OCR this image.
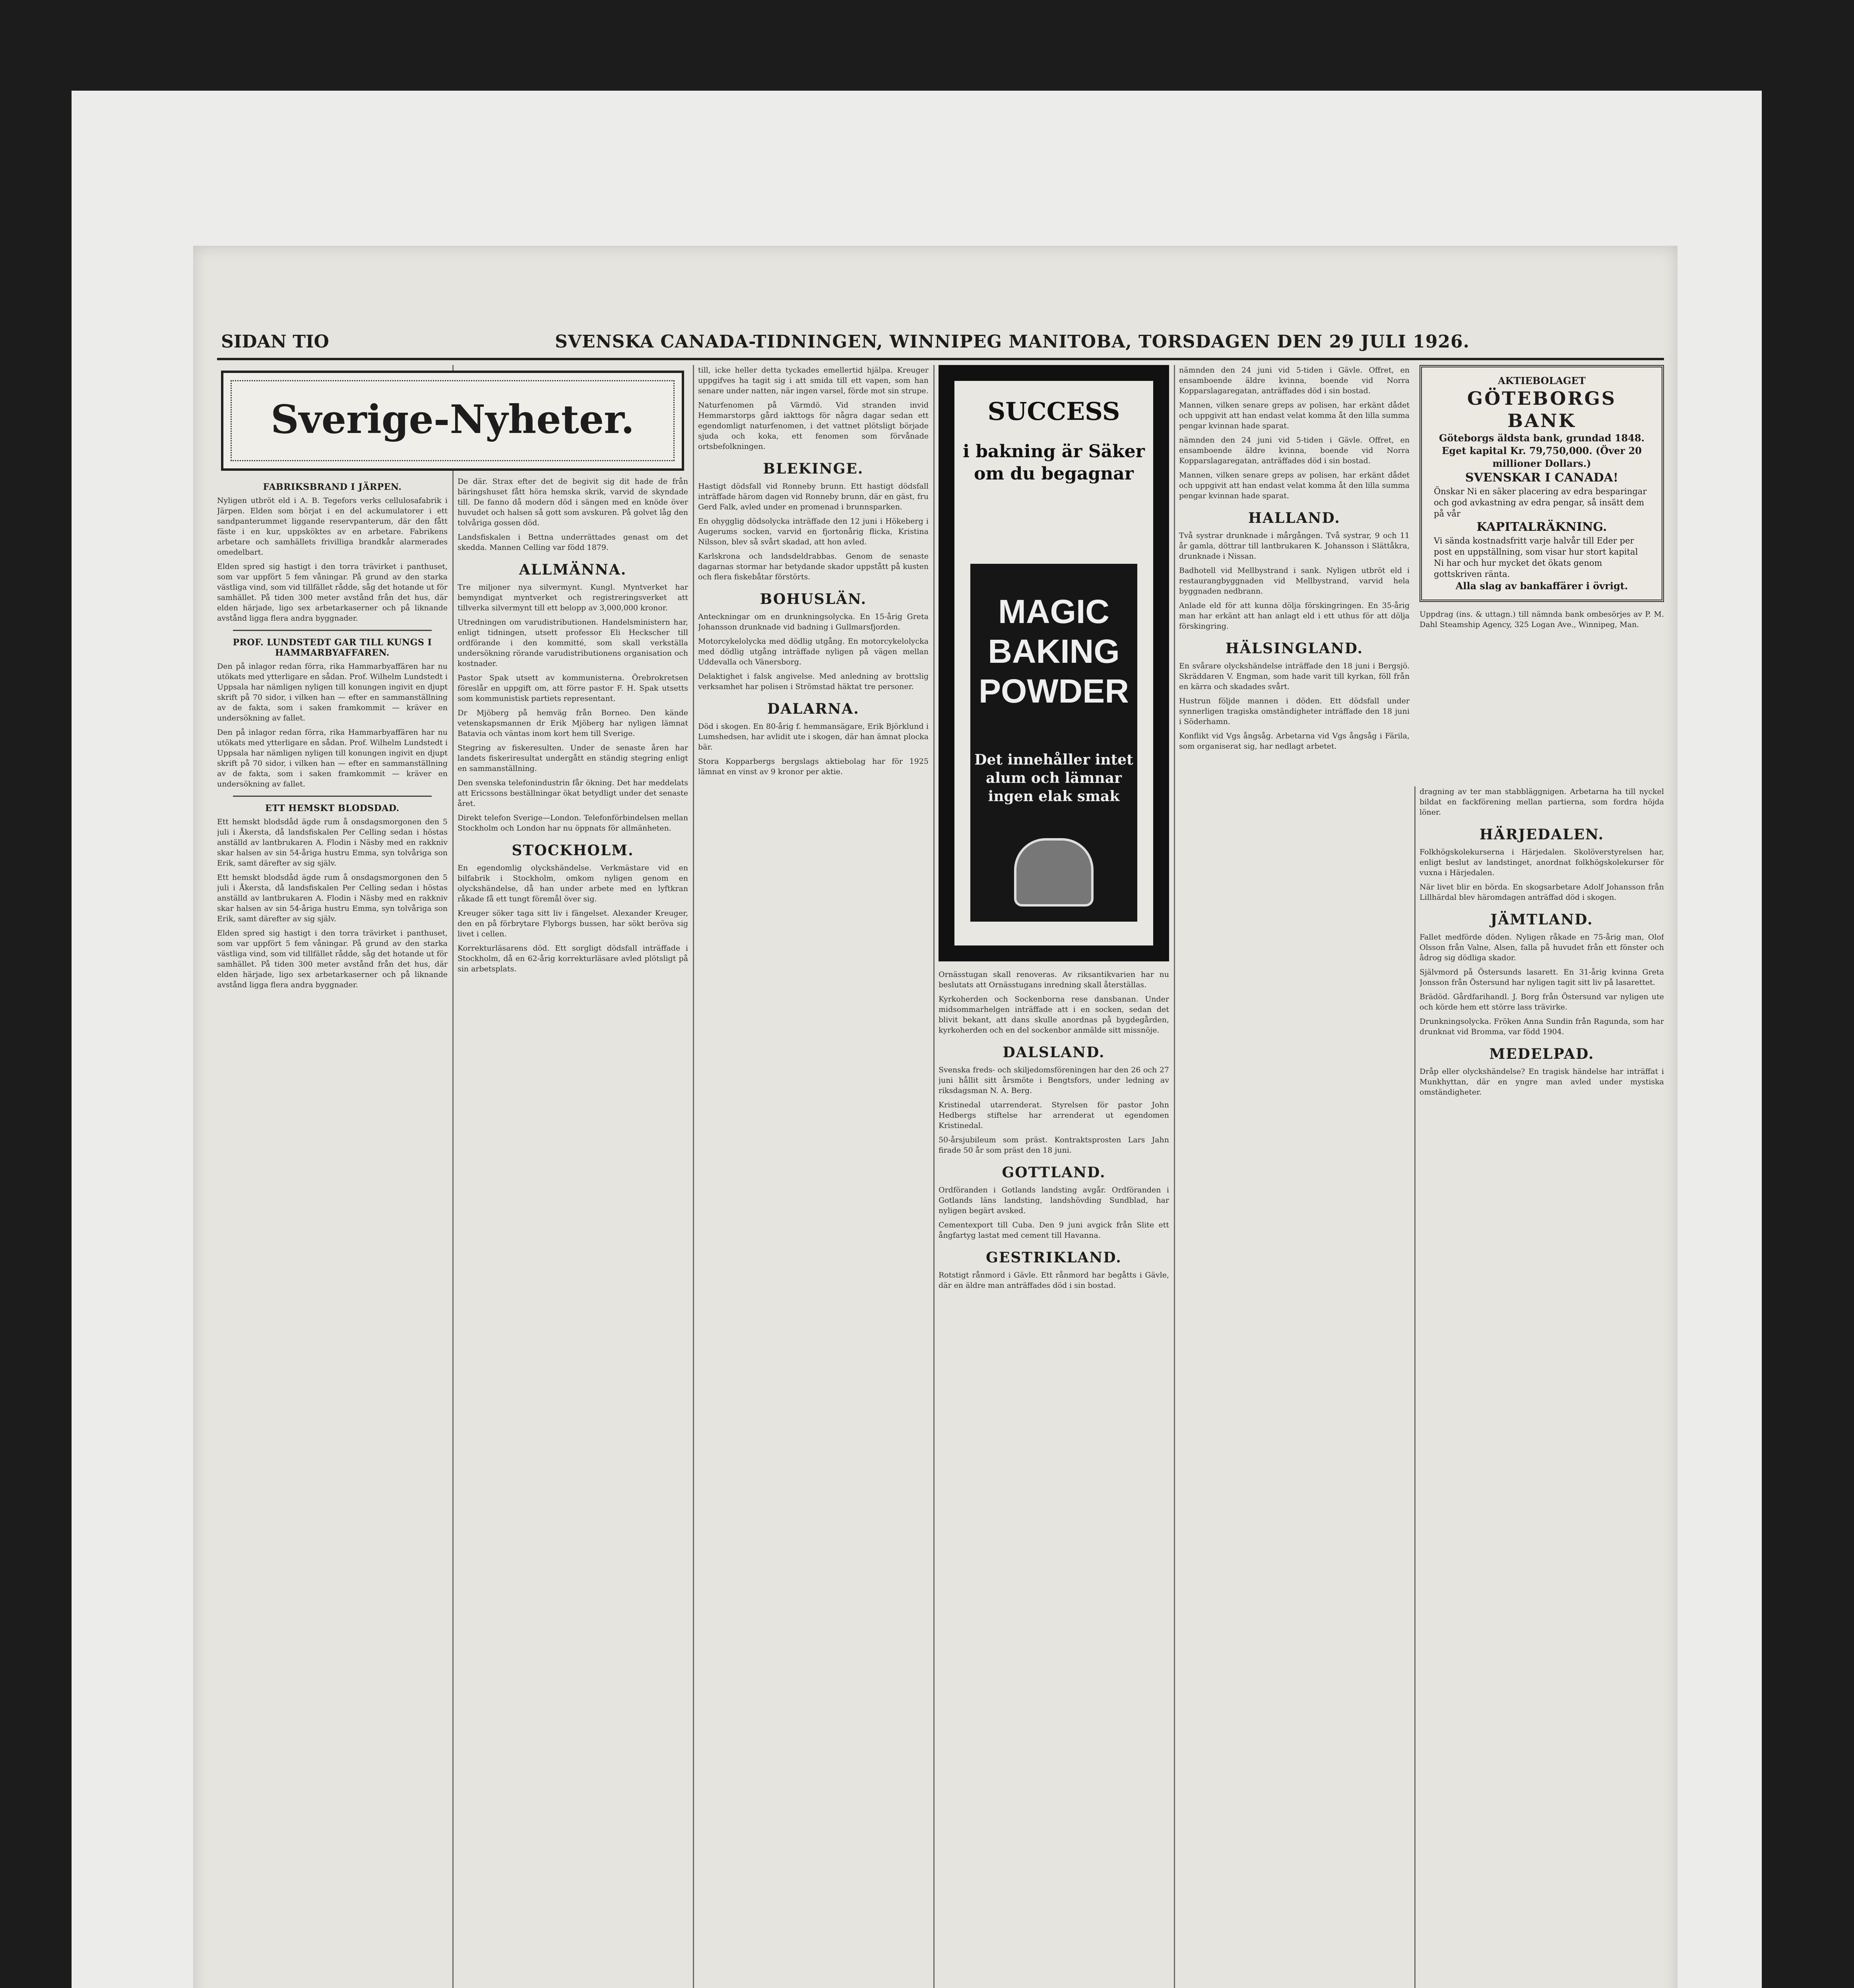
SIDAN TIO	SVENSKA CANADA-TIDNINGEN, WINNIPEG MANITOBA, TORSDAGEN DEN 29 JULI 1926.
Sverige-Nyheter.
FABRIKSBRAND I JÄRPEN.

Nyligen utbröt eld i A. B. Tegefors verks cellulosafabrik i Järpen. Elden som börjat i en del ackumulatorer i ett sandpanterummet liggande reservpanterum, där den fått fäste i en kur, uppsköktes av en arbetare. Fabrikens arbetare och samhällets frivilliga brandkår alarmerades omedelbart.

Elden spred sig hastigt i den torra trävirket i panthuset, som var uppfört 5 fem våningar. På grund av den starka västliga vind, som vid tillfället rådde, såg det hotande ut för samhället. På tiden 300 meter avstånd från det hus, där elden härjade, ligo sex arbetarkaserner och på liknande avstånd ligga flera andra byggnader.

PROF. LUNDSTEDT GAR TILL KUNGS I HAMMARBYAFFAREN.

Den på inlagor redan förra, rika Hammarbyaffären har nu utökats med ytterligare en sådan. Prof. Wilhelm Lundstedt i Uppsala har nämligen nyligen till konungen ingivit en djupt skrift på 70 sidor, i vilken han — efter en sammanställning av de fakta, som i saken framkommit — kräver en undersökning av fallet.

Den på inlagor redan förra, rika Hammarbyaffären har nu utökats med ytterligare en sådan. Prof. Wilhelm Lundstedt i Uppsala har nämligen nyligen till konungen ingivit en djupt skrift på 70 sidor, i vilken han — efter en sammanställning av de fakta, som i saken framkommit — kräver en undersökning av fallet.

ETT HEMSKT BLODSDAD.

Ett hemskt blodsdåd ägde rum å onsdagsmorgonen den 5 juli i Åkersta, då landsfiskalen Per Celling sedan i höstas anställd av lantbrukaren A. Flodin i Näsby med en rakkniv skar halsen av sin 54-åriga hustru Emma, syn tolvåriga son Erik, samt därefter av sig själv.

Ett hemskt blodsdåd ägde rum å onsdagsmorgonen den 5 juli i Åkersta, då landsfiskalen Per Celling sedan i höstas anställd av lantbrukaren A. Flodin i Näsby med en rakkniv skar halsen av sin 54-åriga hustru Emma, syn tolvåriga son Erik, samt därefter av sig själv.

Elden spred sig hastigt i den torra trävirket i panthuset, som var uppfört 5 fem våningar. På grund av den starka västliga vind, som vid tillfället rådde, såg det hotande ut för samhället. På tiden 300 meter avstånd från det hus, där elden härjade, ligo sex arbetarkaserner och på liknande avstånd ligga flera andra byggnader.

De där. Strax efter det de begivit sig dit hade de från bäringshuset fått höra hemska skrik, varvid de skyndade till. De fanno då modern död i sängen med en knöde över huvudet och halsen så gott som avskuren. På golvet låg den tolvåriga gossen död.

Landsfiskalen i Bettna underrättades genast om det skedda. Mannen Celling var född 1879.

ALLMÄNNA.

Tre miljoner nya silvermynt. Kungl. Myntverket har bemyndigat myntverket och registreringsverket att tillverka silvermynt till ett belopp av 3,000,000 kronor.

Utredningen om varudistributionen. Handelsministern har, enligt tidningen, utsett professor Eli Heckscher till ordförande i den kommitté, som skall verkställa undersökning rörande varudistributionens organisation och kostnader.

Pastor Spak utsett av kommunisterna. Örebrokretsen föreslår en uppgift om, att förre pastor F. H. Spak utsetts som kommunistisk partiets representant.

Dr Mjöberg på hemväg från Borneo. Den kände vetenskapsmannen dr Erik Mjöberg har nyligen lämnat Batavia och väntas inom kort hem till Sverige.

Stegring av fiskeresulten. Under de senaste åren har landets fiskeriresultat undergått en ständig stegring enligt en sammanställning.

Den svenska telefonindustrin får ökning. Det har meddelats att Ericssons beställningar ökat betydligt under det senaste året.

Direkt telefon Sverige—London. Telefonförbindelsen mellan Stockholm och London har nu öppnats för allmänheten.

STOCKHOLM.

En egendomlig olyckshändelse. Verkmästare vid en bilfabrik i Stockholm, omkom nyligen genom en olyckshändelse, då han under arbete med en lyftkran råkade få ett tungt föremål över sig.

Kreuger söker taga sitt liv i fängelset. Alexander Kreuger, den en på förbrytare Flyborgs bussen, har sökt beröva sig livet i cellen.

Korrekturläsarens död. Ett sorgligt dödsfall inträffade i Stockholm, då en 62-årig korrekturläsare avled plötsligt på sin arbetsplats.

till, icke heller detta tyckades emellertid hjälpa. Kreuger uppgifves ha tagit sig i att smida till ett vapen, som han senare under natten, när ingen varsel, förde mot sin strupe.

Naturfenomen på Värmdö. Vid stranden invid Hemmarstorps gård iakttogs för några dagar sedan ett egendomligt naturfenomen, i det vattnet plötsligt började sjuda och koka, ett fenomen som förvånade ortsbefolkningen.

BLEKINGE.

Hastigt dödsfall vid Ronneby brunn. Ett hastigt dödsfall inträffade härom dagen vid Ronneby brunn, där en gäst, fru Gerd Falk, avled under en promenad i brunnsparken.

En ohygglig dödsolycka inträffade den 12 juni i Hökeberg i Augerums socken, varvid en fjortonårig flicka, Kristina Nilsson, blev så svårt skadad, att hon avled.

Karlskrona och landsdeldrabbas. Genom de senaste dagarnas stormar har betydande skador uppstått på kusten och flera fiskebåtar förstörts.

BOHUSLÄN.

Anteckningar om en drunkningsolycka. En 15-årig Greta Johansson drunknade vid badning i Gullmarsfjorden.

Motorcykelolycka med dödlig utgång. En motorcykelolycka med dödlig utgång inträffade nyligen på vägen mellan Uddevalla och Vänersborg.

Delaktighet i falsk angivelse. Med anledning av brottslig verksamhet har polisen i Strömstad häktat tre personer.

DALARNA.

Död i skogen. En 80-årig f. hemmansägare, Erik Björklund i Lumshedsen, har avlidit ute i skogen, där han ämnat plocka bär.

Stora Kopparbergs bergslags aktiebolag har för 1925 lämnat en vinst av 9 kronor per aktie.

SUCCESS
i bakning är Säker om du begagnar
MAGIC BAKING POWDER
Det innehåller intet alum och lämnar ingen elak smak

Ornässtugan skall renoveras. Av riksantikvarien har nu beslutats att Ornässtugans inredning skall återställas.

Kyrkoherden och Sockenborna rese dansbanan. Under midsommarhelgen inträffade att i en socken, sedan det blivit bekant, att dans skulle anordnas på bygdegården, kyrkoherden och en del sockenbor anmälde sitt missnöje.

DALSLAND.

Svenska freds- och skiljedomsföreningen har den 26 och 27 juni hållit sitt årsmöte i Bengtsfors, under ledning av riksdagsman N. A. Berg.

Kristinedal utarrenderat. Styrelsen för pastor John Hedbergs stiftelse har arrenderat ut egendomen Kristinedal.

50-årsjubileum som präst. Kontraktsprosten Lars Jahn firade 50 år som präst den 18 juni.

GOTTLAND.

Ordföranden i Gotlands landsting avgår. Ordföranden i Gotlands läns landsting, landshövding Sundblad, har nyligen begärt avsked.

Cementexport till Cuba. Den 9 juni avgick från Slite ett ångfartyg lastat med cement till Havanna.

GESTRIKLAND.

Rotstigt rånmord i Gävle. Ett rånmord har begåtts i Gävle, där en äldre man anträffades död i sin bostad.

nämnden den 24 juni vid 5-tiden i Gävle. Offret, en ensamboende äldre kvinna, boende vid Norra Kopparslagaregatan, anträffades död i sin bostad.

Mannen, vilken senare greps av polisen, har erkänt dådet och uppgivit att han endast velat komma åt den lilla summa pengar kvinnan hade sparat.

nämnden den 24 juni vid 5-tiden i Gävle. Offret, en ensamboende äldre kvinna, boende vid Norra Kopparslagaregatan, anträffades död i sin bostad.

Mannen, vilken senare greps av polisen, har erkänt dådet och uppgivit att han endast velat komma åt den lilla summa pengar kvinnan hade sparat.

HALLAND.

Två systrar drunknade i mårgången. Två systrar, 9 och 11 år gamla, döttrar till lantbrukaren K. Johansson i Slättåkra, drunknade i Nissan.

Badhotell vid Mellbystrand i sank. Nyligen utbröt eld i restaurangbyggnaden vid Mellbystrand, varvid hela byggnaden nedbrann.

Anlade eld för att kunna dölja förskingringen. En 35-årig man har erkänt att han anlagt eld i ett uthus för att dölja förskingring.

HÄLSINGLAND.

En svårare olyckshändelse inträffade den 18 juni i Bergsjö. Skräddaren V. Engman, som hade varit till kyrkan, föll från en kärra och skadades svårt.

Hustrun följde mannen i döden. Ett dödsfall under synnerligen tragiska omständigheter inträffade den 18 juni i Söderhamn.

Konflikt vid Vgs ångsåg. Arbetarna vid Vgs ångsåg i Färila, som organiserat sig, har nedlagt arbetet.

AKTIEBOLAGET
GÖTEBORGS BANK
Göteborgs äldsta bank, grundad 1848.
Eget kapital Kr. 79,750,000. (Över 20 millioner Dollars.)
SVENSKAR I CANADA!
Önskar Ni en säker placering av edra besparingar och god avkastning av edra pengar, så insätt dem på vår
KAPITALRÄKNING.
Vi sända kostnadsfritt varje halvår till Eder per post en uppställning, som visar hur stort kapital Ni har och hur mycket det ökats genom gottskriven ränta.
Alla slag av bankaffärer i övrigt.

Uppdrag (ins. & uttagn.) till nämnda bank ombesörjes av P. M. Dahl Steamship Agency, 325 Logan Ave., Winnipeg, Man.

dragning av ter man stabbläggnigen. Arbetarna ha till nyckel bildat en fackförening mellan partierna, som fordra höjda löner.

HÄRJEDALEN.

Folkhögskolekurserna i Härjedalen. Skolöverstyrelsen har, enligt beslut av landstinget, anordnat folkhögskolekurser för vuxna i Härjedalen.

När livet blir en börda. En skogsarbetare Adolf Johansson från Lillhärdal blev häromdagen anträffad död i skogen.

JÄMTLAND.

Fallet medförde döden. Nyligen råkade en 75-årig man, Olof Olsson från Valne, Alsen, falla på huvudet från ett fönster och ådrog sig dödliga skador.

Självmord på Östersunds lasarett. En 31-årig kvinna Greta Jonsson från Östersund har nyligen tagit sitt liv på lasarettet.

Brädöd. Gårdfarihandl. J. Borg från Östersund var nyligen ute och körde hem ett större lass trävirke.

Drunkningsolycka. Fröken Anna Sundin från Ragunda, som har drunknat vid Bromma, var född 1904.

MEDELPAD.

Dråp eller olyckshändelse? En tragisk händelse har inträffat i Munkhyttan, där en yngre man avled under mystiska omständigheter.
